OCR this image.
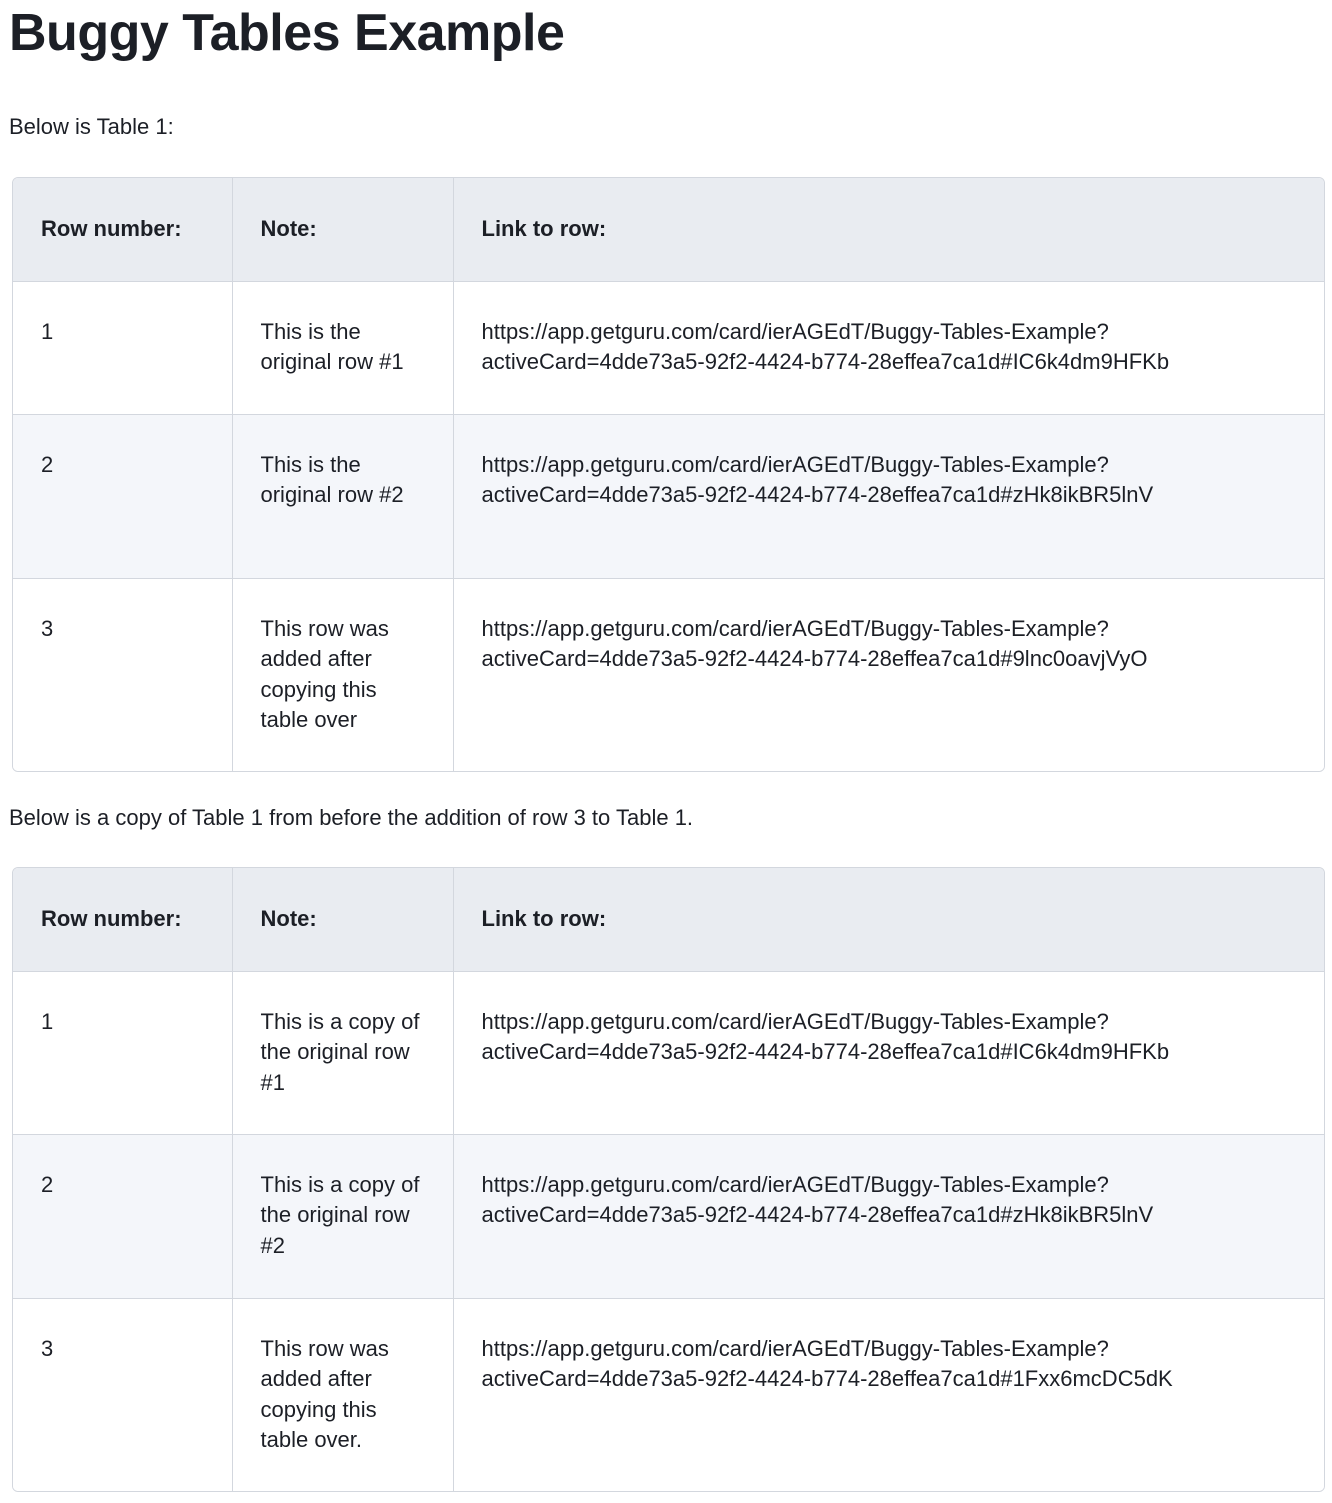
Buggy Tables Example

Below is Table 1:

Row number:	Note:	Link to row:
1	This is the original row #1	https://app.getguru.com/card/ierAGEdT/Buggy-Tables-Example?
activeCard=4dde73a5-92f2-4424-b774-28effea7ca1d#IC6k4dm9HFKb

2	This is the original row #2	https://app.getguru.com/card/ierAGEdT/Buggy-Tables-Example?
activeCard=4dde73a5-92f2-4424-b774-28effea7ca1d#zHk8ikBR5lnV

3	This row was added after copying this table over	https://app.getguru.com/card/ierAGEdT/Buggy-Tables-Example?
activeCard=4dde73a5-92f2-4424-b774-28effea7ca1d#9lnc0oavjVyO

Below is a copy of Table 1 from before the addition of row 3 to Table 1.

Row number:	Note:	Link to row:
1	This is a copy of the original row #1	https://app.getguru.com/card/ierAGEdT/Buggy-Tables-Example?
activeCard=4dde73a5-92f2-4424-b774-28effea7ca1d#IC6k4dm9HFKb

2	This is a copy of the original row #2	https://app.getguru.com/card/ierAGEdT/Buggy-Tables-Example?
activeCard=4dde73a5-92f2-4424-b774-28effea7ca1d#zHk8ikBR5lnV

3	This row was added after copying this table over.	https://app.getguru.com/card/ierAGEdT/Buggy-Tables-Example?
activeCard=4dde73a5-92f2-4424-b774-28effea7ca1d#1Fxx6mcDC5dK
